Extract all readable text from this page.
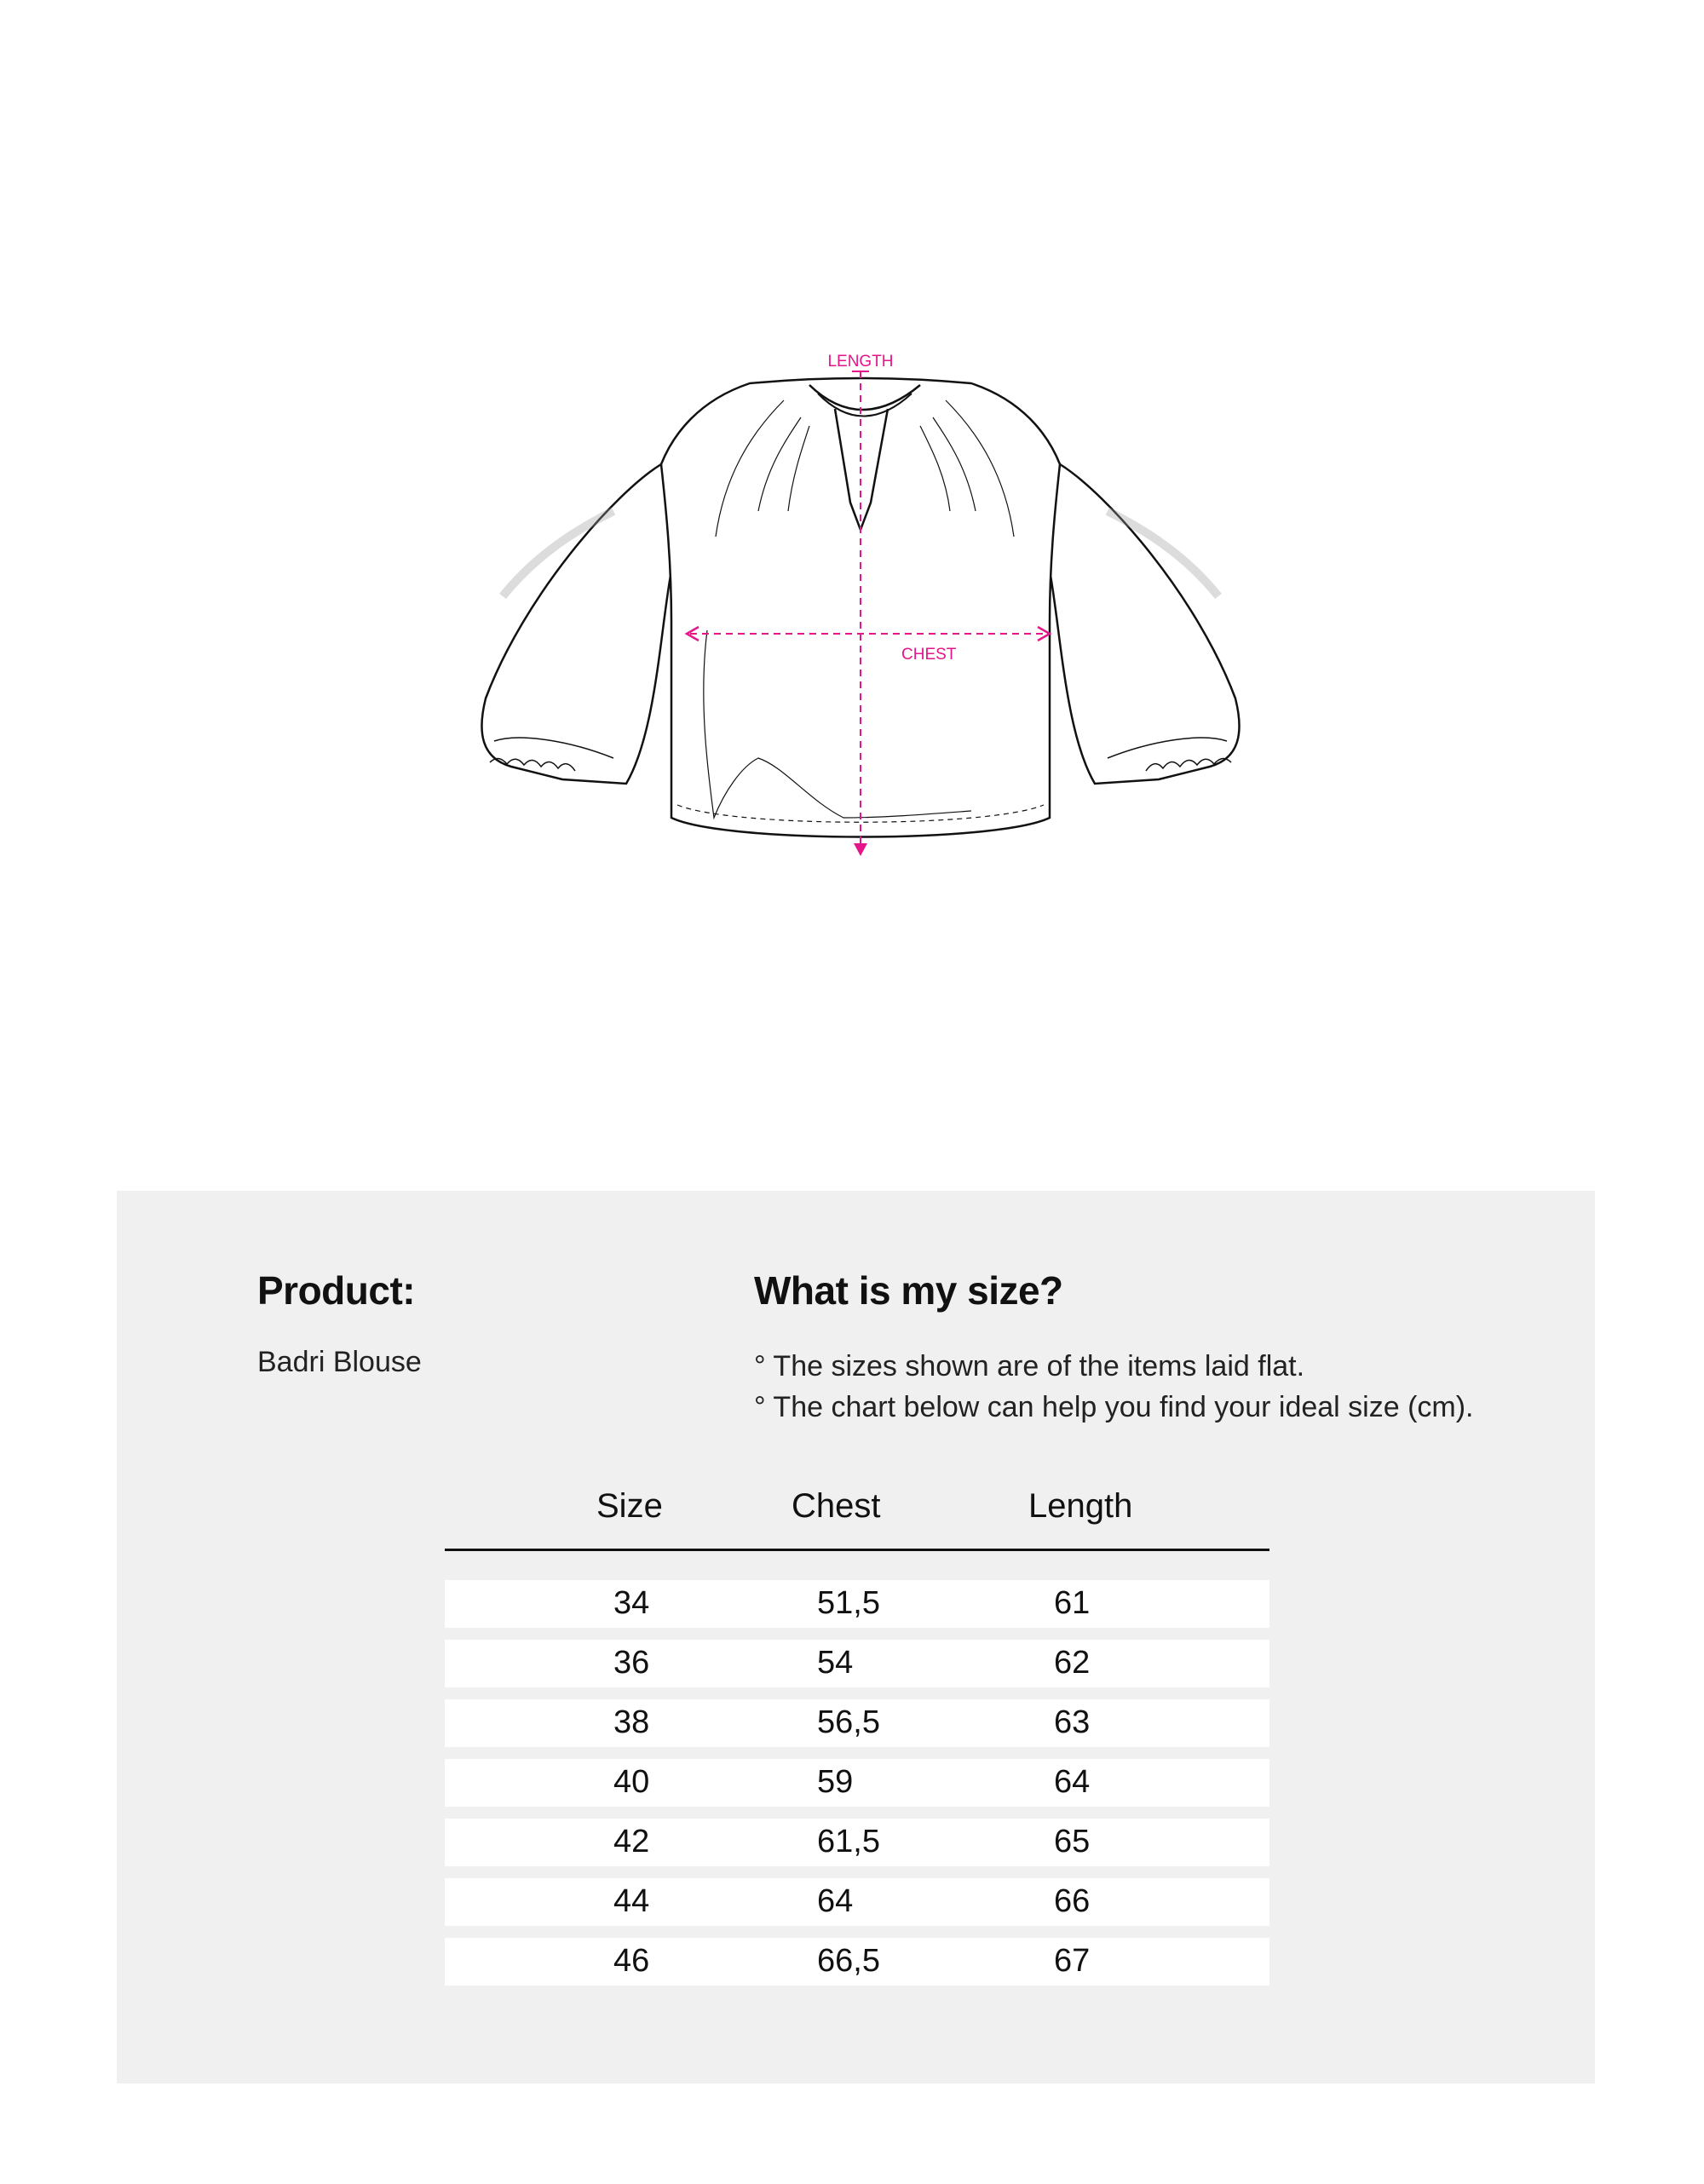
LENGTH
CHEST
Product:
Badri Blouse
What is my size?
° The sizes shown are of the items laid flat.
° The chart below can help you find your ideal size (cm).
Size	Chest	Length
34	51,5	61
36	54	62
38	56,5	63
40	59	64
42	61,5	65
44	64	66
46	66,5	67
